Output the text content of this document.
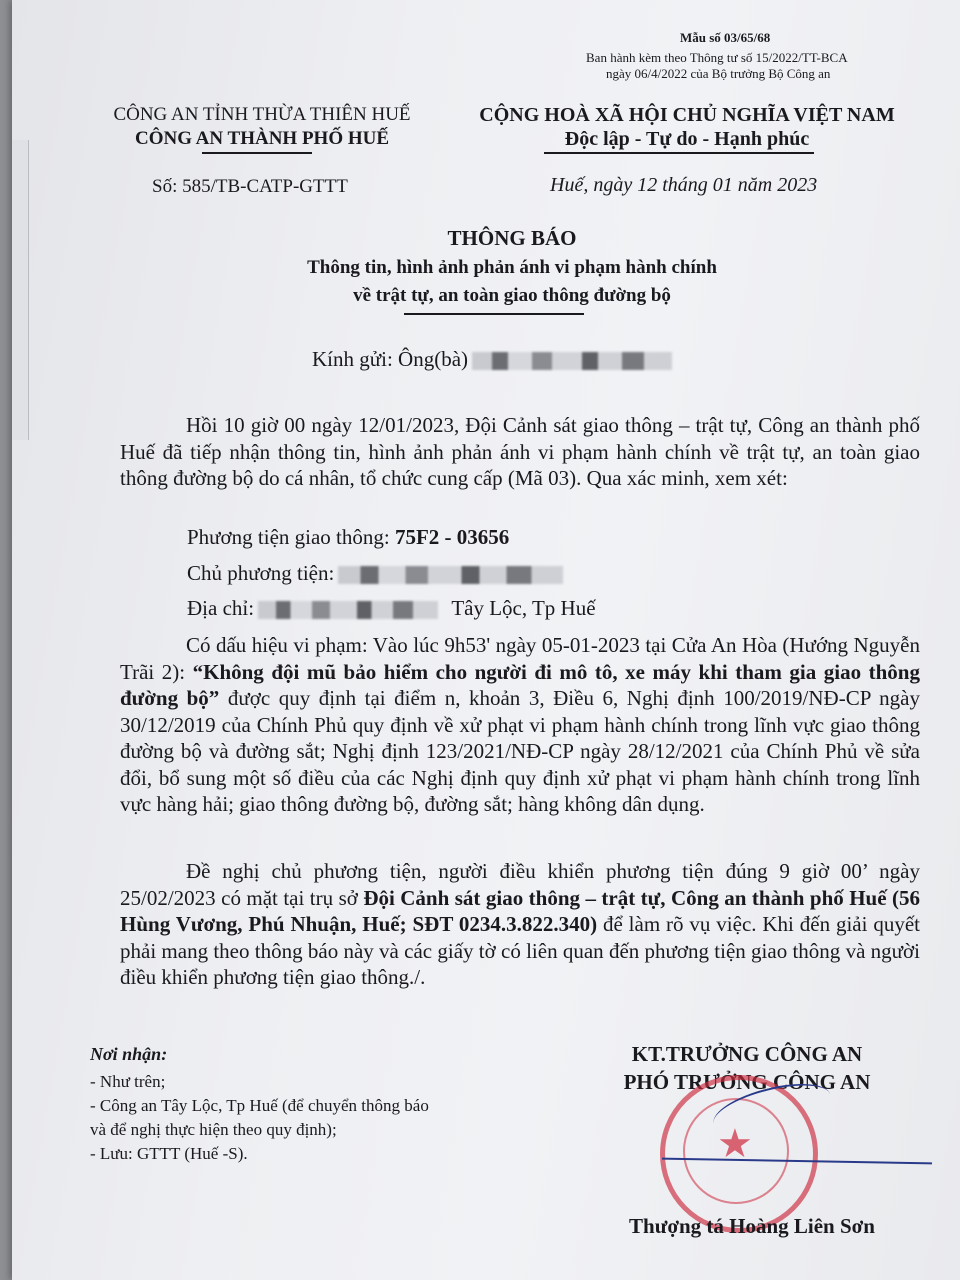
Mẫu số 03/65/68
Ban hành kèm theo Thông tư số 15/2022/TT-BCA
ngày 06/4/2022 của Bộ trưởng Bộ Công an
CÔNG AN TỈNH THỪA THIÊN HUẾ
CÔNG AN THÀNH PHỐ HUẾ
Số: 585/TB-CATP-GTTT
CỘNG HOÀ XÃ HỘI CHỦ NGHĨA VIỆT NAM
Độc lập - Tự do - Hạnh phúc
Huế, ngày 12 tháng 01 năm 2023
THÔNG BÁO
Thông tin, hình ảnh phản ánh vi phạm hành chính
về trật tự, an toàn giao thông đường bộ
Kính gửi: Ông(bà)
Hồi 10 giờ 00 ngày 12/01/2023, Đội Cảnh sát giao thông – trật tự, Công an thành phố Huế đã tiếp nhận thông tin, hình ảnh phản ánh vi phạm hành chính về trật tự, an toàn giao thông đường bộ do cá nhân, tổ chức cung cấp (Mã 03). Qua xác minh, xem xét:
Phương tiện giao thông: 75F2 - 03656
Chủ phương tiện:
Địa chỉ:	Tây Lộc, Tp Huế
Có dấu hiệu vi phạm: Vào lúc 9h53' ngày 05-01-2023 tại Cửa An Hòa (Hướng Nguyễn Trãi 2): “Không đội mũ bảo hiểm cho người đi mô tô, xe máy khi tham gia giao thông đường bộ” được quy định tại điểm n, khoản 3, Điều 6, Nghị định 100/2019/NĐ-CP ngày 30/12/2019 của Chính Phủ quy định về xử phạt vi phạm hành chính trong lĩnh vực giao thông đường bộ và đường sắt; Nghị định 123/2021/NĐ-CP ngày 28/12/2021 của Chính Phủ về sửa đổi, bổ sung một số điều của các Nghị định quy định xử phạt vi phạm hành chính trong lĩnh vực hàng hải; giao thông đường bộ, đường sắt; hàng không dân dụng.
Đề nghị chủ phương tiện, người điều khiển phương tiện đúng 9 giờ 00’ ngày 25/02/2023 có mặt tại trụ sở Đội Cảnh sát giao thông – trật tự, Công an thành phố Huế (56 Hùng Vương, Phú Nhuận, Huế; SĐT 0234.3.822.340) để làm rõ vụ việc. Khi đến giải quyết phải mang theo thông báo này và các giấy tờ có liên quan đến phương tiện giao thông và người điều khiển phương tiện giao thông./.
Nơi nhận:
- Như trên;
- Công an Tây Lộc, Tp Huế (để chuyển thông báo
và để nghị thực hiện theo quy định);
- Lưu: GTTT (Huế -S).
KT.TRƯỞNG CÔNG AN
PHÓ TRƯỞNG CÔNG AN
★
Thượng tá Hoàng Liên Sơn
